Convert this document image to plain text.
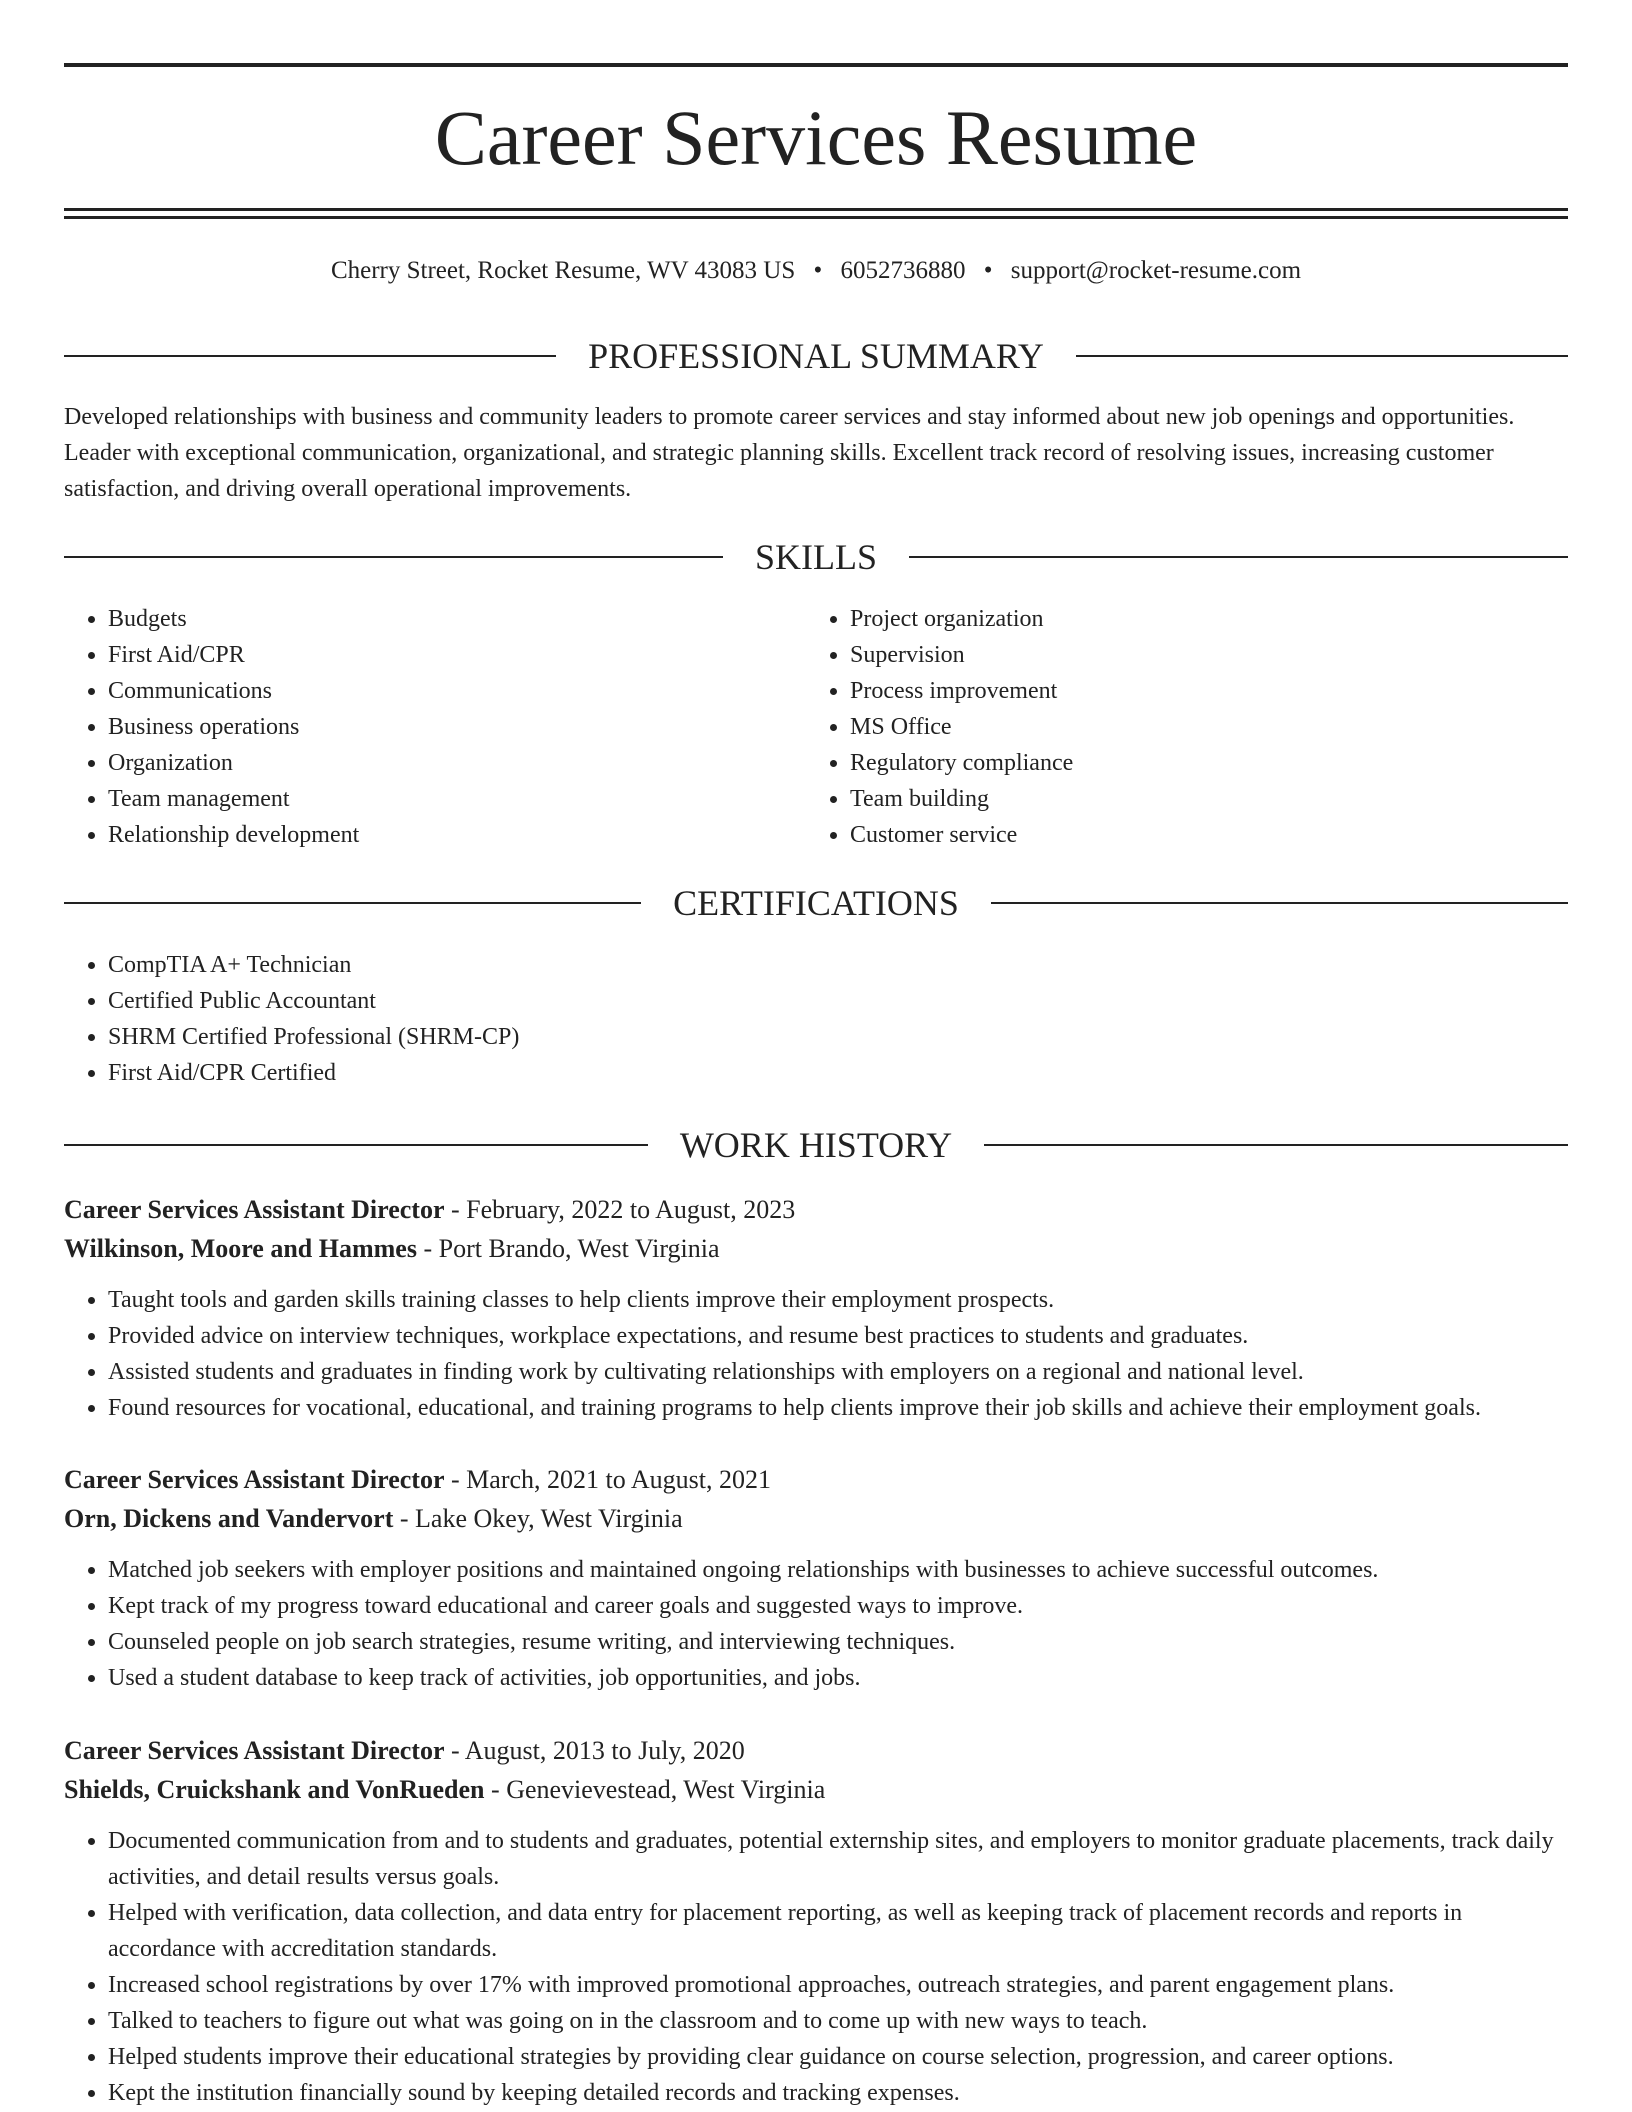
Career Services Resume
Cherry Street, Rocket Resume, WV 43083 US • 6052736880 • support@rocket-resume.com
PROFESSIONAL SUMMARY

Developed relationships with business and community leaders to promote career services and stay informed about new job openings and opportunities. Leader with exceptional communication, organizational, and strategic planning skills. Excellent track record of resolving issues, increasing customer satisfaction, and driving overall operational improvements.

SKILLS
• Budgets
• First Aid/CPR
• Communications
• Business operations
• Organization
• Team management
• Relationship development
• Project organization
• Supervision
• Process improvement
• MS Office
• Regulatory compliance
• Team building
• Customer service
CERTIFICATIONS
• CompTIA A+ Technician
• Certified Public Accountant
• SHRM Certified Professional (SHRM-CP)
• First Aid/CPR Certified
WORK HISTORY
Career Services Assistant Director - February, 2022 to August, 2023
Wilkinson, Moore and Hammes - Port Brando, West Virginia
• Taught tools and garden skills training classes to help clients improve their employment prospects.
• Provided advice on interview techniques, workplace expectations, and resume best practices to students and graduates.
• Assisted students and graduates in finding work by cultivating relationships with employers on a regional and national level.
• Found resources for vocational, educational, and training programs to help clients improve their job skills and achieve their employment goals.
Career Services Assistant Director - March, 2021 to August, 2021
Orn, Dickens and Vandervort - Lake Okey, West Virginia
• Matched job seekers with employer positions and maintained ongoing relationships with businesses to achieve successful outcomes.
• Kept track of my progress toward educational and career goals and suggested ways to improve.
• Counseled people on job search strategies, resume writing, and interviewing techniques.
• Used a student database to keep track of activities, job opportunities, and jobs.
Career Services Assistant Director - August, 2013 to July, 2020
Shields, Cruickshank and VonRueden - Genevievestead, West Virginia
• Documented communication from and to students and graduates, potential externship sites, and employers to monitor graduate placements, track daily activities, and detail results versus goals.
• Helped with verification, data collection, and data entry for placement reporting, as well as keeping track of placement records and reports in accordance with accreditation standards.
• Increased school registrations by over 17% with improved promotional approaches, outreach strategies, and parent engagement plans.
• Talked to teachers to figure out what was going on in the classroom and to come up with new ways to teach.
• Helped students improve their educational strategies by providing clear guidance on course selection, progression, and career options.
• Kept the institution financially sound by keeping detailed records and tracking expenses.
